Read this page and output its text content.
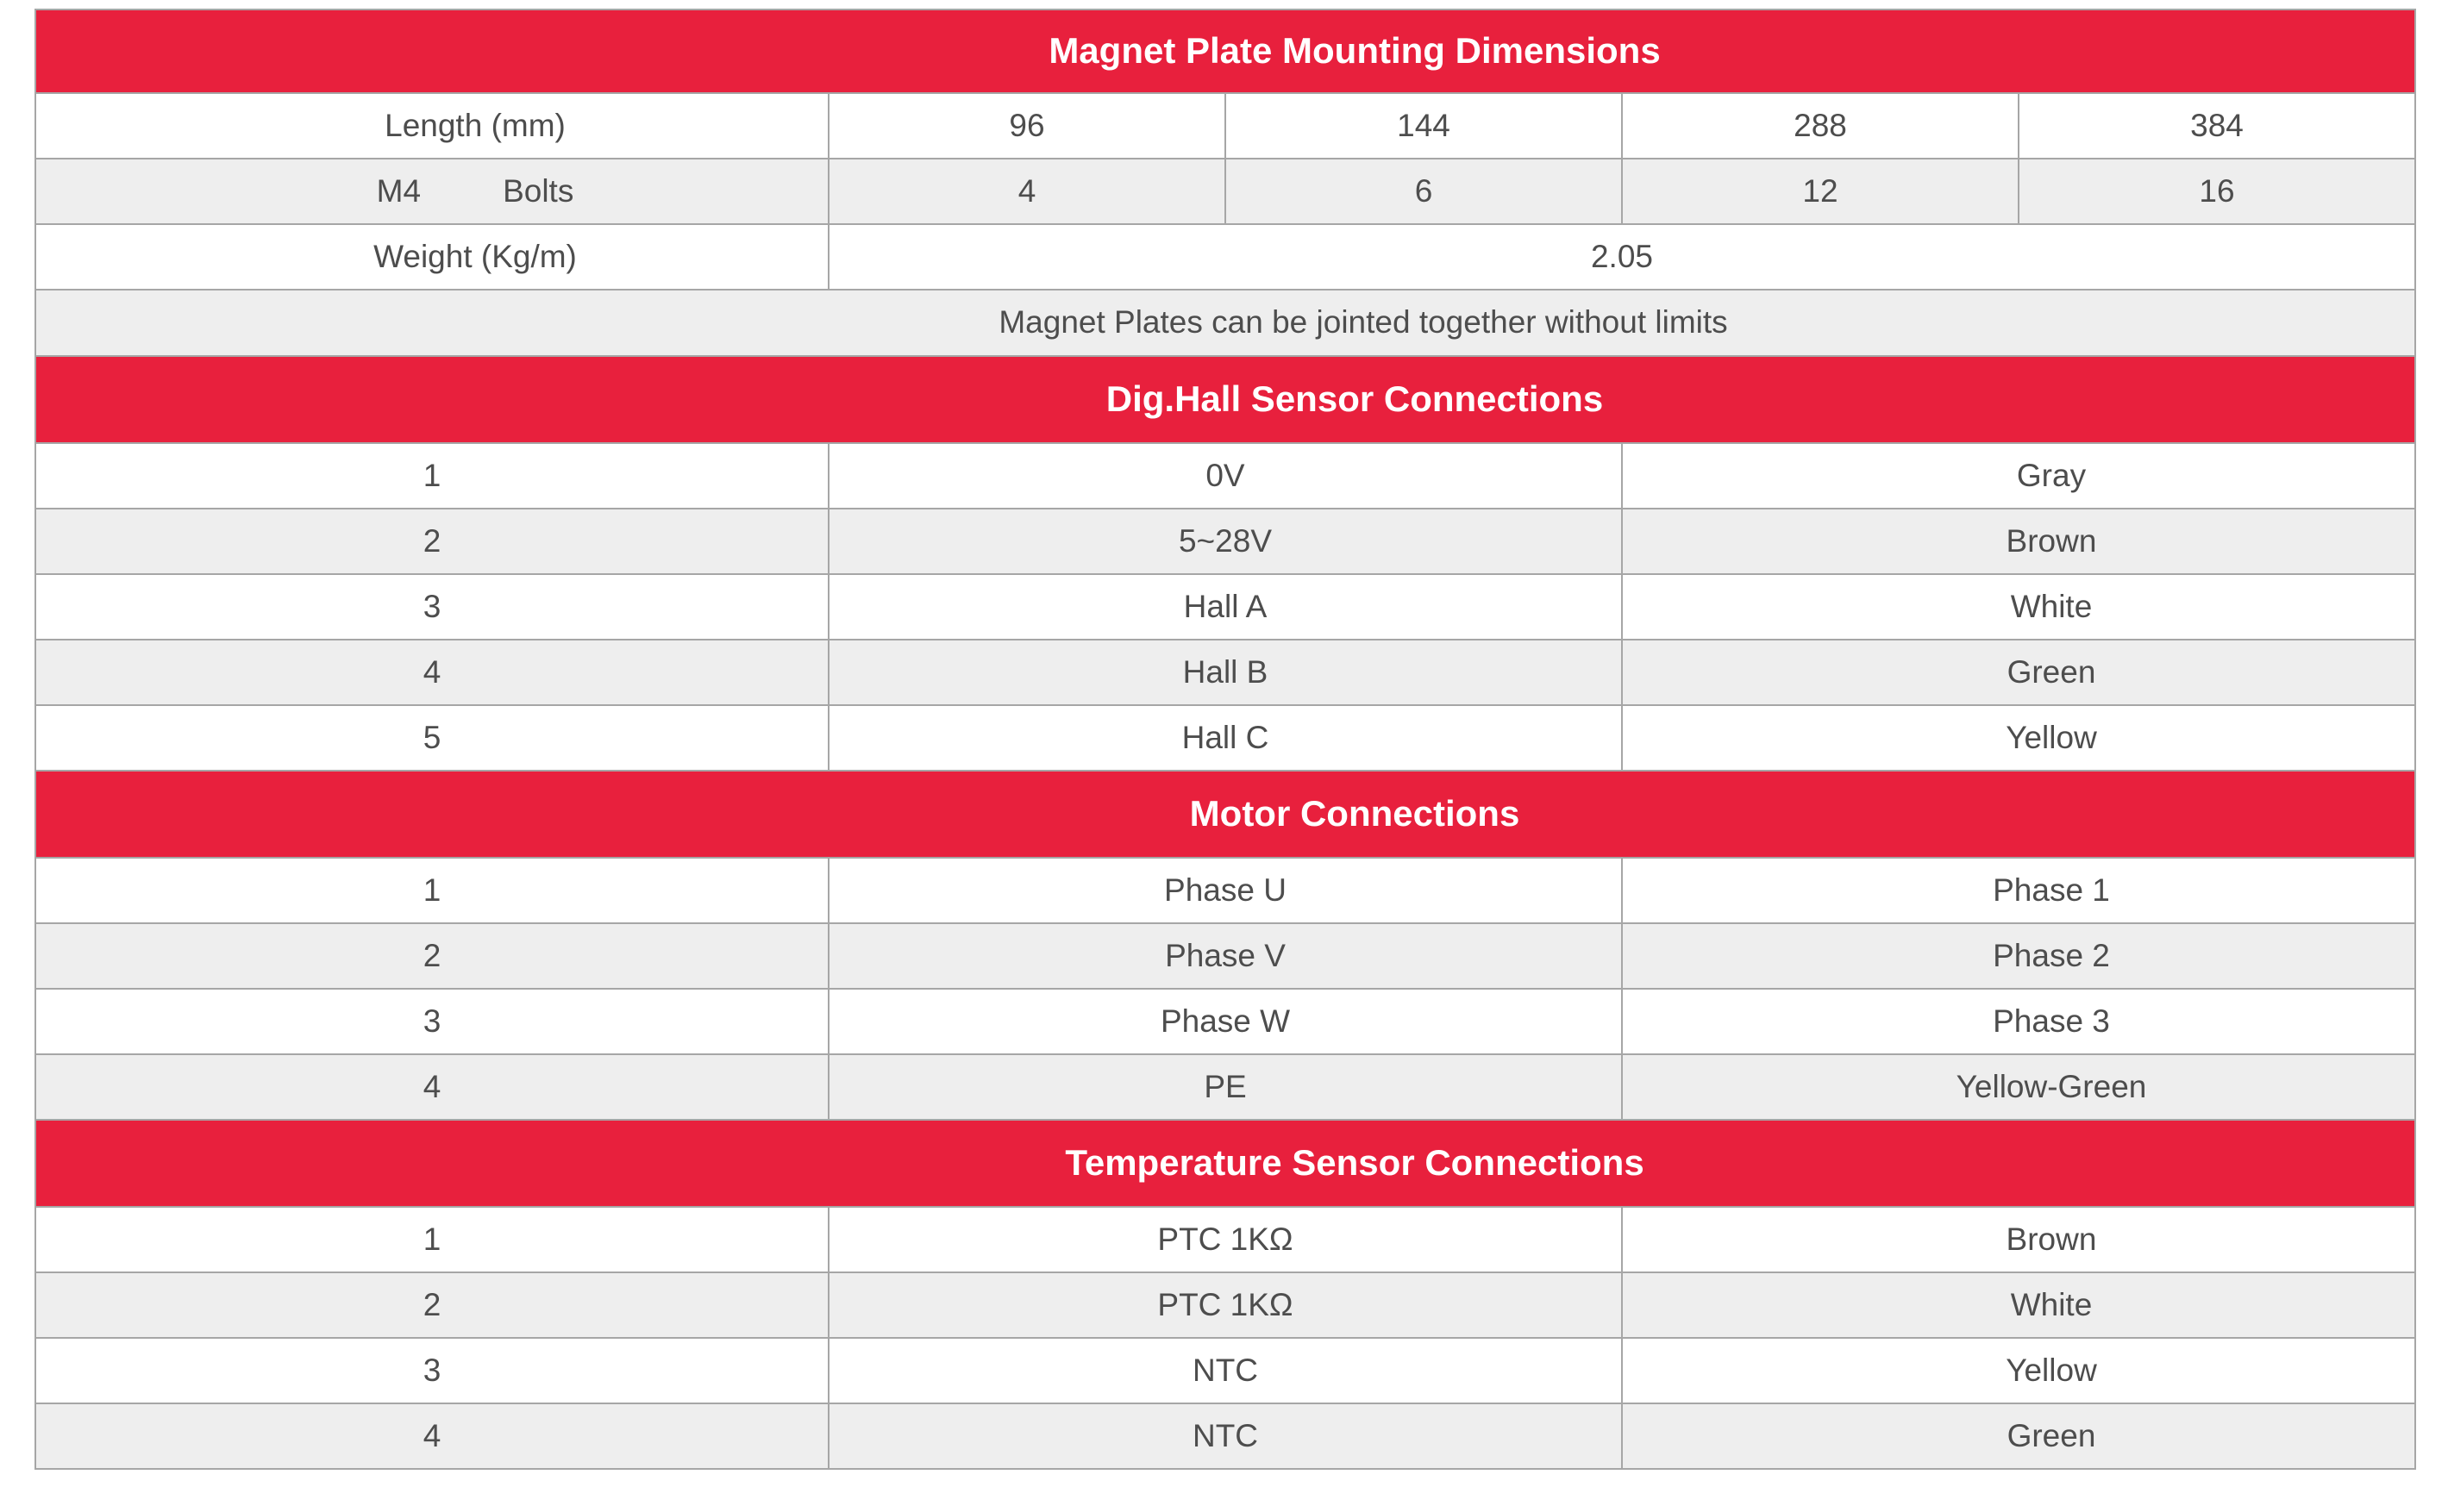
Magnet Plate Mounting Dimensions				
Length (mm)	96	144	288	384
M4 Bolts	4	6	12	16
Weight (Kg/m)	2.05			
Magnet Plates can be jointed together without limits				
Dig.Hall Sensor Connections				
1	0V		Gray	
2	5~28V		Brown	
3	Hall A		White	
4	Hall B		Green	
5	Hall C		Yellow	
Motor Connections				
1	Phase U		Phase 1	
2	Phase V		Phase 2	
3	Phase W		Phase 3	
4	PE		Yellow-Green	
Temperature Sensor Connections				
1	PTC 1KΩ		Brown	
2	PTC 1KΩ		White	
3	NTC		Yellow	
4	NTC		Green	
